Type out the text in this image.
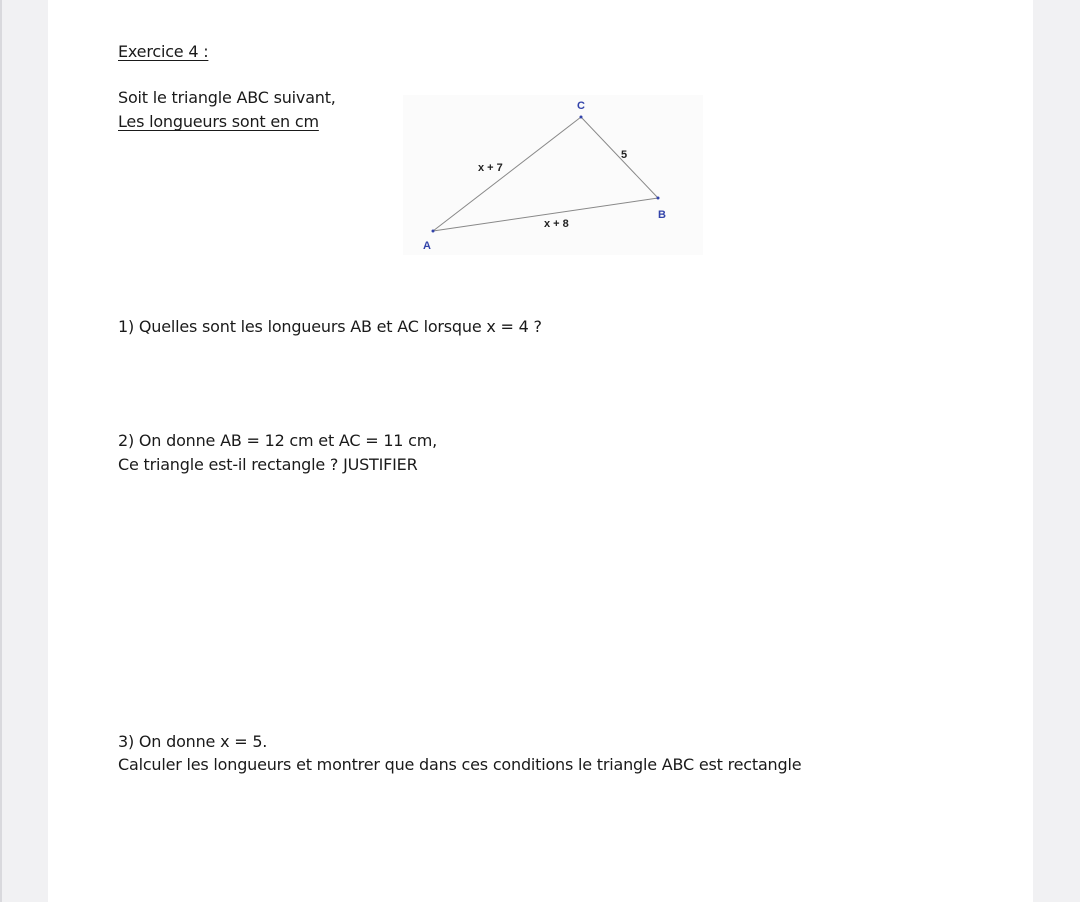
Exercice 4 :
Soit le triangle ABC suivant,
Les longueurs sont en cm
A
C
B
x + 7
5
x + 8
1) Quelles sont les longueurs AB et AC lorsque x = 4 ?
2) On donne AB = 12 cm et AC = 11 cm,
Ce triangle est-il rectangle ? JUSTIFIER
3) On donne x = 5.
Calculer les longueurs et montrer que dans ces conditions le triangle ABC est rectangle
